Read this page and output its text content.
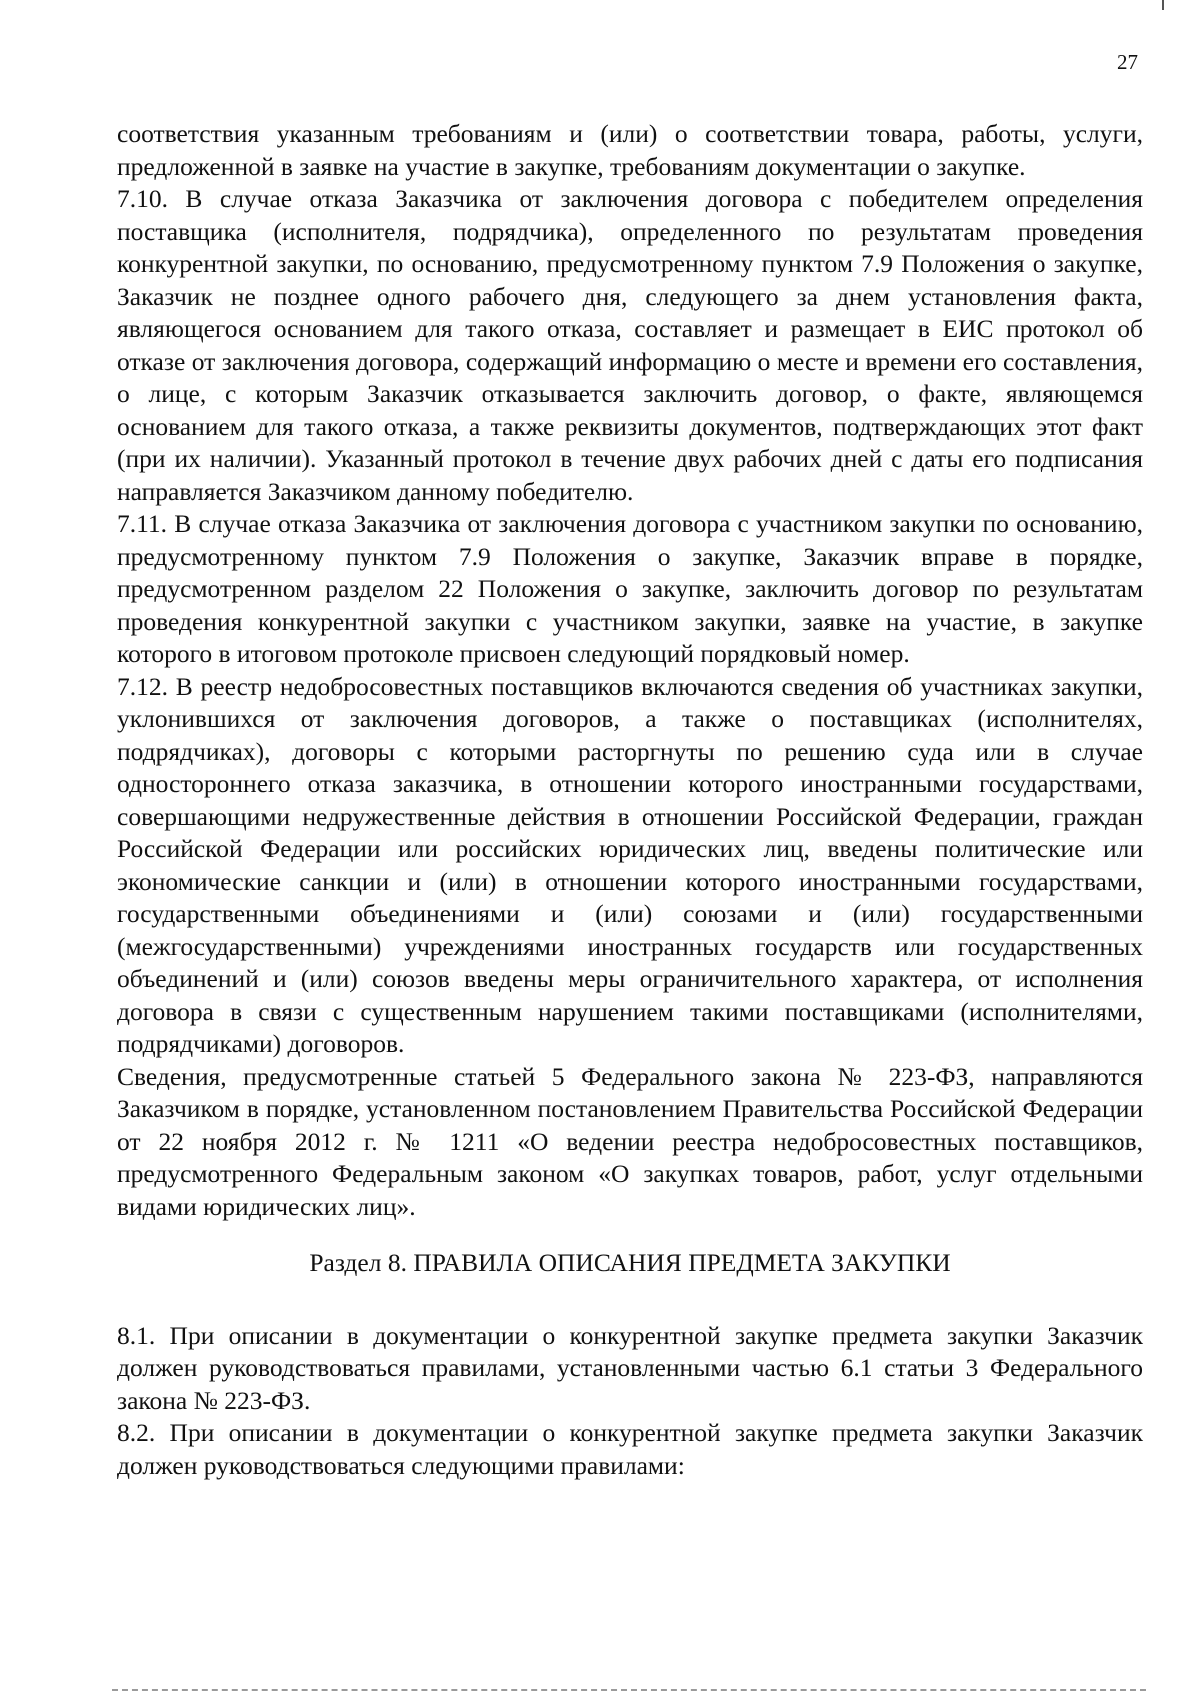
27

соответствия указанным требованиям и (или) о соответствии товара, работы, услуги, предложенной в заявке на участие в закупке, требованиям документации о закупке.

7.10. В случае отказа Заказчика от заключения договора с победителем определения поставщика (исполнителя, подрядчика), определенного по результатам проведения конкурентной закупки, по основанию, предусмотренному пунктом 7.9 Положения о закупке, Заказчик не позднее одного рабочего дня, следующего за днем установления факта, являющегося основанием для такого отказа, составляет и размещает в ЕИС протокол об отказе от заключения договора, содержащий информацию о месте и времени его составления, о лице, с которым Заказчик отказывается заключить договор, о факте, являющемся основанием для такого отказа, а также реквизиты документов, подтверждающих этот факт (при их наличии). Указанный протокол в течение двух рабочих дней с даты его подписания направляется Заказчиком данному победителю.

7.11. В случае отказа Заказчика от заключения договора с участником закупки по основанию, предусмотренному пунктом 7.9 Положения о закупке, Заказчик вправе в порядке, предусмотренном разделом 22 Положения о закупке, заключить договор по результатам проведения конкурентной закупки с участником закупки, заявке на участие, в закупке которого в итоговом протоколе присвоен следующий порядковый номер.

7.12. В реестр недобросовестных поставщиков включаются сведения об участниках закупки, уклонившихся от заключения договоров, а также о поставщиках (исполнителях, подрядчиках), договоры с которыми расторгнуты по решению суда или в случае одностороннего отказа заказчика, в отношении которого иностранными государствами, совершающими недружественные действия в отношении Российской Федерации, граждан Российской Федерации или российских юридических лиц, введены политические или экономические санкции и (или) в отношении которого иностранными государствами, государственными объединениями и (или) союзами и (или) государственными (межгосударственными) учреждениями иностранных государств или государственных объединений и (или) союзов введены меры ограничительного характера, от исполнения договора в связи с существенным нарушением такими поставщиками (исполнителями, подрядчиками) договоров.

Сведения, предусмотренные статьей 5 Федерального закона № 223-ФЗ, направляются Заказчиком в порядке, установленном постановлением Правительства Российской Федерации от 22 ноября 2012 г. № 1211 «О ведении реестра недобросовестных поставщиков, предусмотренного Федеральным законом «О закупках товаров, работ, услуг отдельными видами юридических лиц».

Раздел 8. ПРАВИЛА ОПИСАНИЯ ПРЕДМЕТА ЗАКУПКИ

8.1. При описании в документации о конкурентной закупке предмета закупки Заказчик должен руководствоваться правилами, установленными частью 6.1 статьи 3 Федерального закона № 223-ФЗ.

8.2. При описании в документации о конкурентной закупке предмета закупки Заказчик должен руководствоваться следующими правилами:
